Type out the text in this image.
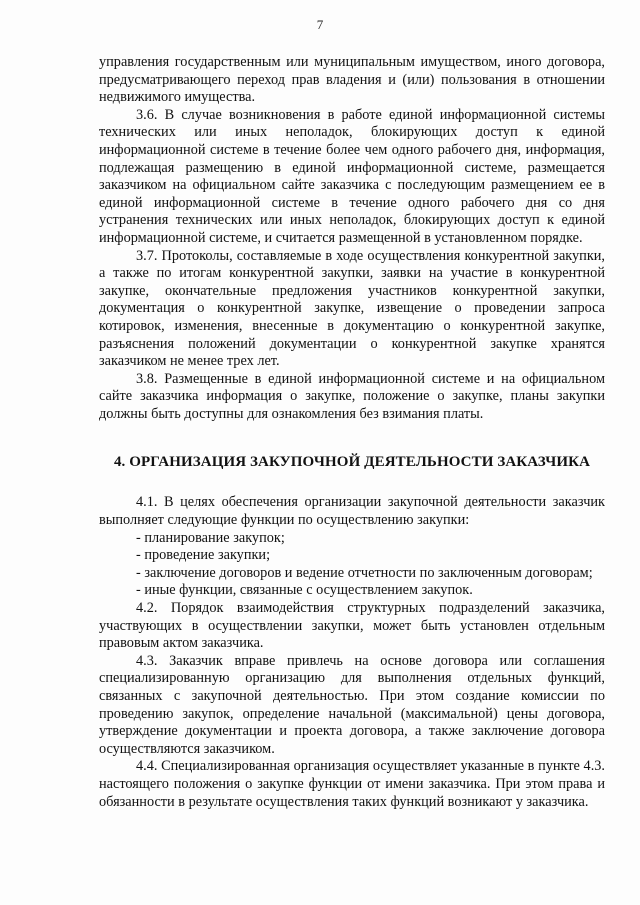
7

управления государственным или муниципальным имуществом, иного договора, предусматривающего переход прав владения и (или) пользования в отношении недвижимого имущества.

3.6. В случае возникновения в работе единой информационной системы технических или иных неполадок, блокирующих доступ к единой информационной системе в течение более чем одного рабочего дня, информация, подлежащая размещению в единой информационной системе, размещается заказчиком на официальном сайте заказчика с последующим размещением ее в единой информационной системе в течение одного рабочего дня со дня устранения технических или иных неполадок, блокирующих доступ к единой информационной системе, и считается размещенной в установленном порядке.

3.7. Протоколы, составляемые в ходе осуществления конкурентной закупки, а также по итогам конкурентной закупки, заявки на участие в конкурентной закупке, окончательные предложения участников конкурентной закупки, документация о конкурентной закупке, извещение о проведении запроса котировок, изменения, внесенные в документацию о конкурентной закупке, разъяснения положений документации о конкурентной закупке хранятся заказчиком не менее трех лет.

3.8. Размещенные в единой информационной системе и на официальном сайте заказчика информация о закупке, положение о закупке, планы закупки должны быть доступны для ознакомления без взимания платы.

4. ОРГАНИЗАЦИЯ ЗАКУПОЧНОЙ ДЕЯТЕЛЬНОСТИ ЗАКАЗЧИКА

4.1. В целях обеспечения организации закупочной деятельности заказчик выполняет следующие функции по осуществлению закупки:

- планирование закупок;

- проведение закупки;

- заключение договоров и ведение отчетности по заключенным договорам;

- иные функции, связанные с осуществлением закупок.

4.2. Порядок взаимодействия структурных подразделений заказчика, участвующих в осуществлении закупки, может быть установлен отдельным правовым актом заказчика.

4.3. Заказчик вправе привлечь на основе договора или соглашения специализированную организацию для выполнения отдельных функций, связанных с закупочной деятельностью. При этом создание комиссии по проведению закупок, определение начальной (максимальной) цены договора, утверждение документации и проекта договора, а также заключение договора осуществляются заказчиком.

4.4. Специализированная организация осуществляет указанные в пункте 4.3. настоящего положения о закупке функции от имени заказчика. При этом права и обязанности в результате осуществления таких функций возникают у заказчика.
